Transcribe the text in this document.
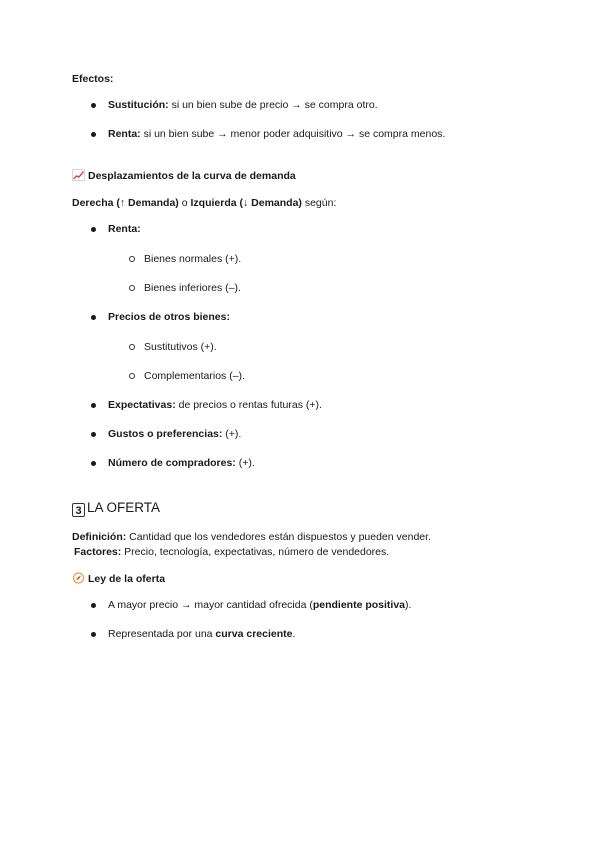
Efectos:
Sustitución: si un bien sube de precio → se compra otro.
Renta: si un bien sube → menor poder adquisitivo → se compra menos.
Desplazamientos de la curva de demanda
Derecha (↑ Demanda) o Izquierda (↓ Demanda) según:
Renta:
Bienes normales (+).
Bienes inferiores (–).
Precios de otros bienes:
Sustitutivos (+).
Complementarios (–).
Expectativas: de precios o rentas futuras (+).
Gustos o preferencias: (+).
Número de compradores: (+).
3 LA OFERTA
Definición: Cantidad que los vendedores están dispuestos y pueden vender.
Factores: Precio, tecnología, expectativas, número de vendedores.
Ley de la oferta
A mayor precio → mayor cantidad ofrecida (pendiente positiva).
Representada por una curva creciente.
